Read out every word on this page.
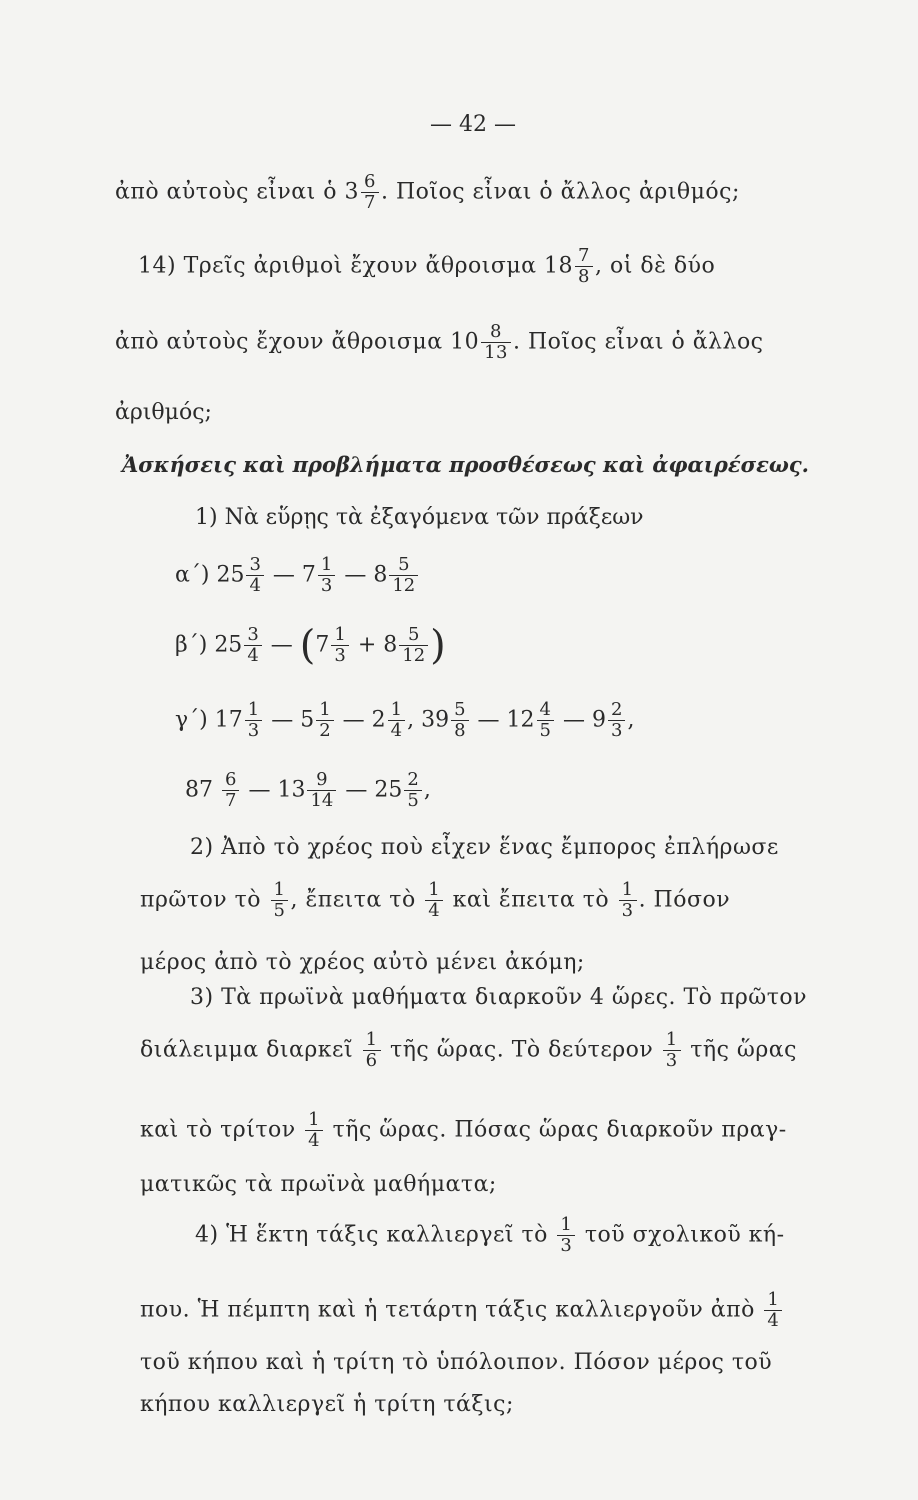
— 42 —
ἀπὸ αὐτοὺς εἶναι ὁ $3 \frac{6}{7}$ . Ποῖος εἶναι ὁ ἄλλος ἀριθμός;
14) Τρεῖς ἀριθμοὶ ἔχουν ἄθροισμα $18 \frac{7}{8}$ , οἱ δὲ δύο
ἀπὸ αὐτοὺς ἔχουν ἄθροισμα $10 \frac{8}{13}$ . Ποῖος εἶναι ὁ ἄλλος
ἀριθμός;
Ἀσκήσεις καὶ προβλήματα προσθέσεως καὶ ἀφαιρέσεως.
1) Νὰ εὕρῃς τὰ ἐξαγόμενα τῶν πράξεων
α΄) $25 \frac{3}{4}$ — $7 \frac{1}{3}$ — $8 \frac{5}{12}$
β΄) $25 \frac{3}{4}$ — ($7 \frac{1}{3} + 8 \frac{5}{12}$ )
γ΄) $17 \frac{1}{3}$ — $5 \frac{1}{2}$ — $2 \frac{1}{4}$ , $39 \frac{5}{8}$ — $12 \frac{4}{5}$ — $9 \frac{2}{3}$ ,
$87 \frac{6}{7}$ — $13 \frac{9}{14}$ — $25 \frac{2}{5}$ ,
2) Ἀπὸ τὸ χρέος ποὺ εἶχεν ἕνας ἔμπορος ἐπλήρωσε
πρῶτον τὸ $\frac{1}{5}$ , ἔπειτα τὸ $\frac{1}{4}$ καὶ ἔπειτα τὸ $\frac{1}{3}$ . Πόσον
μέρος ἀπὸ τὸ χρέος αὐτὸ μένει ἀκόμη;
3) Τὰ πρωϊνὰ μαθήματα διαρκοῦν 4 ὥρες. Τὸ πρῶτον
διάλειμμα διαρκεῖ $\frac{1}{6}$ τῆς ὥρας. Τὸ δεύτερον $\frac{1}{3}$ τῆς ὥρας
καὶ τὸ τρίτον $\frac{1}{4}$ τῆς ὥρας. Πόσας ὥρας διαρκοῦν πραγ-
ματικῶς τὰ πρωϊνὰ μαθήματα;
4) Ἡ ἕκτη τάξις καλλιεργεῖ τὸ $\frac{1}{3}$ τοῦ σχολικοῦ κή-
που. Ἡ πέμπτη καὶ ἡ τετάρτη τάξις καλλιεργοῦν ἀπὸ $\frac{1}{4}$
τοῦ κήπου καὶ ἡ τρίτη τὸ ὑπόλοιπον. Πόσον μέρος τοῦ
κήπου καλλιεργεῖ ἡ τρίτη τάξις;
